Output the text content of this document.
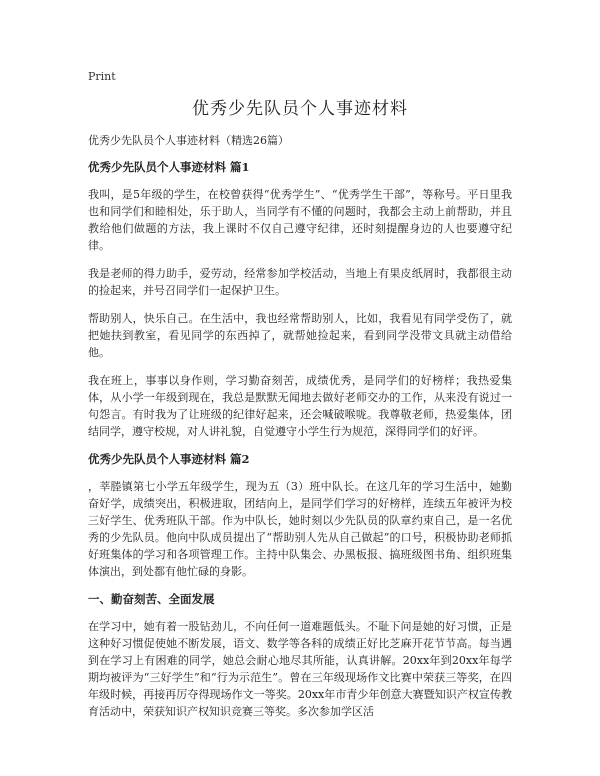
Print
优秀少先队员个人事迹材料

优秀少先队员个人事迹材料（精选26篇）

优秀少先队员个人事迹材料 篇1

我叫，是5年级的学生，在校曾获得“优秀学生”、“优秀学生干部”，等称号。平日里我也和同学们和睦相处，乐于助人，当同学有不懂的问题时，我都会主动上前帮助，并且教给他们做题的方法，我上课时不仅自己遵守纪律，还时刻提醒身边的人也要遵守纪律。

我是老师的得力助手，爱劳动，经常参加学校活动，当地上有果皮纸屑时，我都很主动的捡起来，并号召同学们一起保护卫生。

帮助别人，快乐自己。在生活中，我也经常帮助别人，比如，我看见有同学受伤了，就把她扶到教室，看见同学的东西掉了，就帮她捡起来，看到同学没带文具就主动借给他。

我在班上，事事以身作则，学习勤奋刻苦，成绩优秀，是同学们的好榜样；我热爱集体，从小学一年级到现在，我总是默默无闻地去做好老师交办的工作，从来没有说过一句怨言。有时我为了让班级的纪律好起来，还会喊破喉咙。我尊敬老师，热爱集体，团结同学，遵守校规，对人讲礼貌，自觉遵守小学生行为规范，深得同学们的好评。

优秀少先队员个人事迹材料 篇2

，莘塍镇第七小学五年级学生，现为五（3）班中队长。在这几年的学习生活中，她勤奋好学，成绩突出，积极进取，团结向上，是同学们学习的好榜样，连续五年被评为校三好学生、优秀班队干部。作为中队长，她时刻以少先队员的队章约束自己，是一名优秀的少先队员。他向中队成员提出了“帮助别人先从自己做起”的口号，积极协助老师抓好班集体的学习和各项管理工作。主持中队集会、办黑板报、搞班级图书角、组织班集体演出，到处都有他忙碌的身影。

一、勤奋刻苦、全面发展

在学习中，她有着一股钻劲儿，不向任何一道难题低头。不耻下问是她的好习惯，正是这种好习惯促使她不断发展，语文、数学等各科的成绩正好比芝麻开花节节高。每当遇到在学习上有困难的同学，她总会耐心地尽其所能，认真讲解。20xx年到20xx年每学期均被评为“三好学生”和“行为示范生”。曾在三年级现场作文比赛中荣获三等奖，在四年级时候，再接再厉夺得现场作文一等奖。20xx年市青少年创意大赛暨知识产权宣传教育活动中，荣获知识产权知识竞赛三等奖。多次参加学区活
